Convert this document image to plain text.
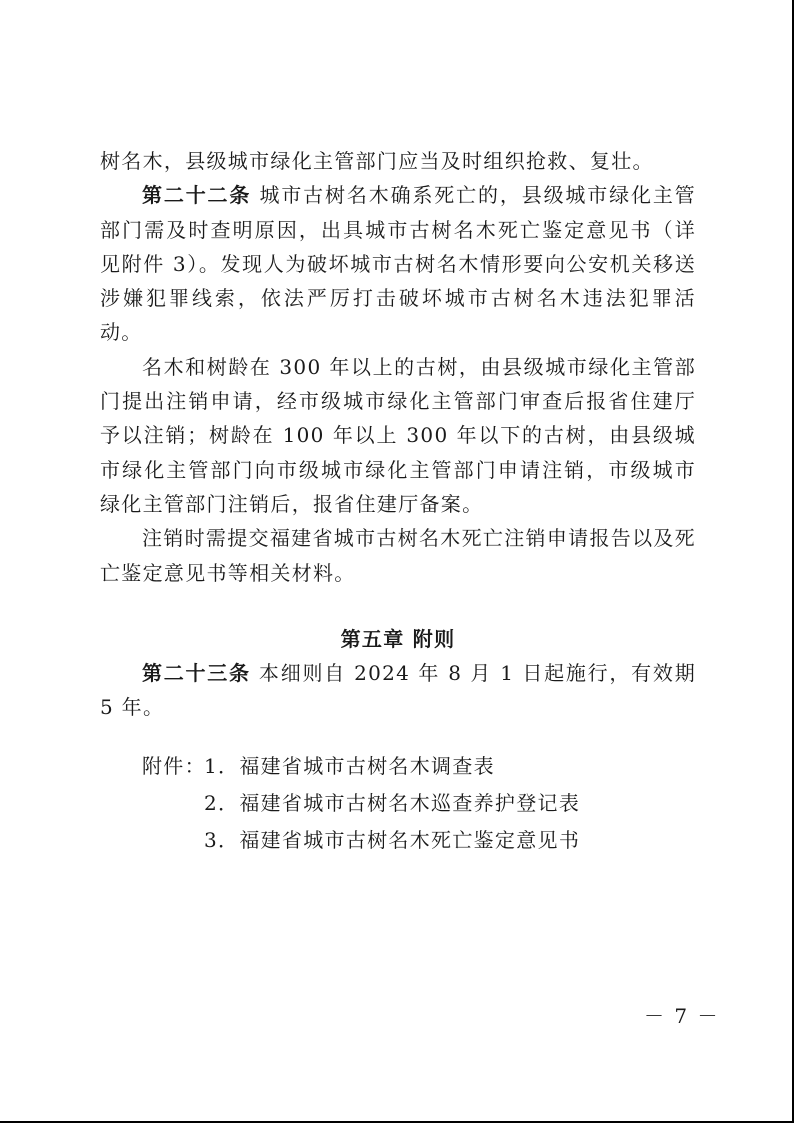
树名木，县级城市绿化主管部门应当及时组织抢救、复壮。

第二十二条 城市古树名木确系死亡的，县级城市绿化主管部门需及时查明原因，出具城市古树名木死亡鉴定意见书（详见附件 3）。发现人为破坏城市古树名木情形要向公安机关移送涉嫌犯罪线索，依法严厉打击破坏城市古树名木违法犯罪活动。

名木和树龄在 300 年以上的古树，由县级城市绿化主管部门提出注销申请，经市级城市绿化主管部门审查后报省住建厅予以注销；树龄在 100 年以上 300 年以下的古树，由县级城市绿化主管部门向市级城市绿化主管部门申请注销，市级城市绿化主管部门注销后，报省住建厅备案。

注销时需提交福建省城市古树名木死亡注销申请报告以及死亡鉴定意见书等相关材料。

第五章 附则

第二十三条 本细则自 2024 年 8 月 1 日起施行，有效期 5 年。

附件：
1．福建省城市古树名木调查表
2．福建省城市古树名木巡查养护登记表
3．福建省城市古树名木死亡鉴定意见书
－ 7 －
